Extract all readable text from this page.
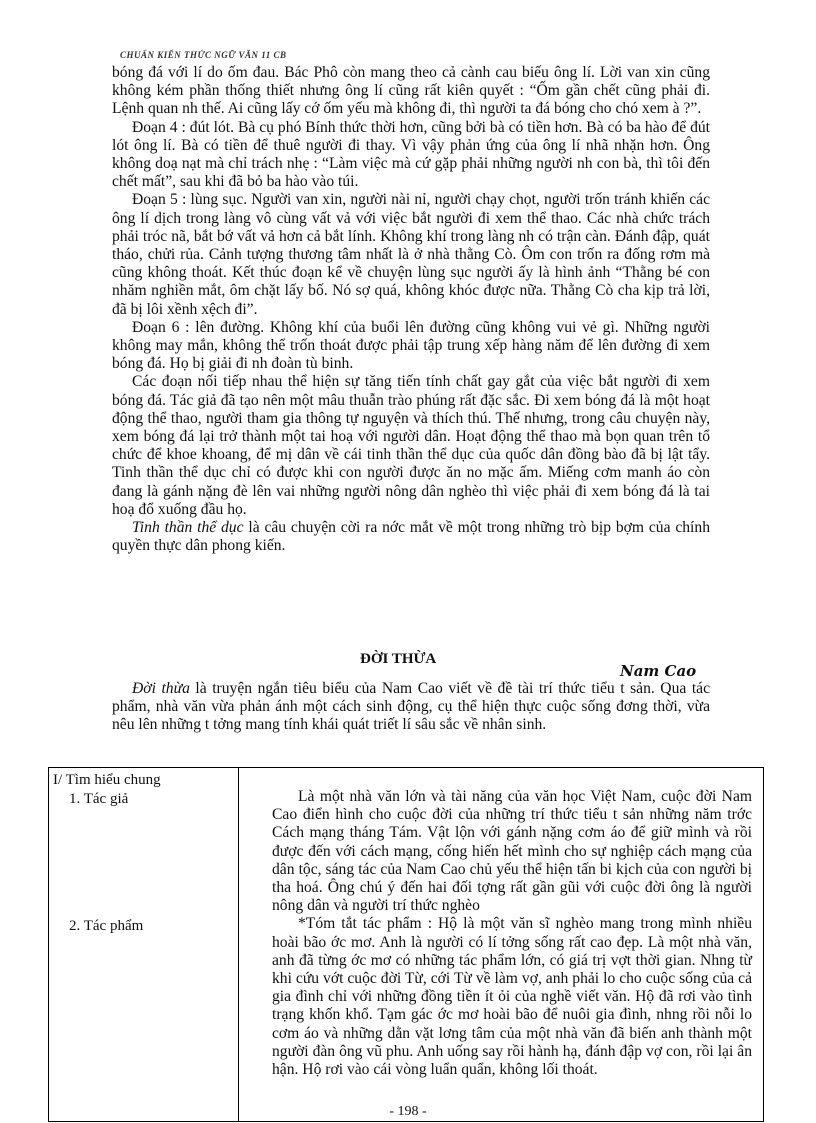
CHUẨN KIẾN THỨC NGỮ VĂN 11 CB

bóng đá với lí do ốm đau. Bác Phô còn mang theo cả cành cau biếu ông lí. Lời van xin cũng không kém phần thống thiết nhưng ông lí cũng rất kiên quyết : “Ốm gần chết cũng phải đi. Lệnh quan nh thế. Ai cũng lấy cớ ốm yếu mà không đi, thì người ta đá bóng cho chó xem à ?”.

Đoạn 4 : đút lót. Bà cụ phó Bính thức thời hơn, cũng bởi bà có tiền hơn. Bà có ba hào để đút lót ông lí. Bà có tiền để thuê người đi thay. Vì vậy phản ứng của ông lí nhã nhặn hơn. Ông không doạ nạt mà chỉ trách nhẹ : “Làm việc mà cứ gặp phải những người nh con bà, thì tôi đến chết mất”, sau khi đã bỏ ba hào vào túi.

Đoạn 5 : lùng sục. Người van xin, người nài nỉ, người chạy chọt, người trốn tránh khiến các ông lí dịch trong làng vô cùng vất vả với việc bắt người đi xem thể thao. Các nhà chức trách phải tróc nã, bắt bớ vất vả hơn cả bắt lính. Không khí trong làng nh có trận càn. Đánh đập, quát tháo, chửi rủa. Cảnh tượng thương tâm nhất là ở nhà thằng Cò. Ôm con trốn ra đống rơm mà cũng không thoát. Kết thúc đoạn kể về chuyện lùng sục người ấy là hình ảnh “Thằng bé con nhăm nghiền mắt, ôm chặt lấy bố. Nó sợ quá, không khóc được nữa. Thằng Cò cha kịp trả lời, đã bị lôi xềnh xệch đi”.

Đoạn 6 : lên đường. Không khí của buổi lên đường cũng không vui vẻ gì. Những người không may mắn, không thể trốn thoát được phải tập trung xếp hàng năm để lên đường đi xem bóng đá. Họ bị giải đi nh đoàn tù binh.

Các đoạn nối tiếp nhau thể hiện sự tăng tiến tính chất gay gắt của việc bắt người đi xem bóng đá. Tác giả đã tạo nên một mâu thuẫn trào phúng rất đặc sắc. Đi xem bóng đá là một hoạt động thể thao, người tham gia thông tự nguyện và thích thú. Thế nhưng, trong câu chuyện này, xem bóng đá lại trở thành một tai hoạ với người dân. Hoạt động thể thao mà bọn quan trên tổ chức để khoe khoang, để mị dân về cái tinh thần thể dục của quốc dân đồng bào đã bị lật tẩy. Tinh thần thể dục chỉ có được khi con người được ăn no mặc ấm. Miếng cơm manh áo còn đang là gánh nặng đè lên vai những người nông dân nghèo thì việc phải đi xem bóng đá là tai hoạ đổ xuống đầu họ.

Tinh thần thể dục là câu chuyện cời ra nớc mắt về một trong những trò bịp bợm của chính quyền thực dân phong kiến.

ĐỜI THỪA
Nam Cao

Đời thừa là truyện ngắn tiêu biểu của Nam Cao viết về đề tài trí thức tiểu t sản. Qua tác phẩm, nhà văn vừa phản ánh một cách sinh động, cụ thể hiện thực cuộc sống đơng thời, vừa nêu lên những t tởng mang tính khái quát triết lí sâu sắc về nhân sinh.

I/ Tìm hiểu chung
1. Tác giả
2. Tác phẩm

Là một nhà văn lớn và tài năng của văn học Việt Nam, cuộc đời Nam Cao điển hình cho cuộc đời của những trí thức tiểu t sản những năm trớc Cách mạng tháng Tám. Vật lộn với gánh nặng cơm áo để giữ mình và rồi được đến với cách mạng, cống hiến hết mình cho sự nghiệp cách mạng của dân tộc, sáng tác của Nam Cao chủ yếu thể hiện tấn bi kịch của con người bị tha hoá. Ông chú ý đến hai đối tợng rất gần gũi với cuộc đời ông là người nông dân và người trí thức nghèo

*Tóm tắt tác phẩm : Hộ là một văn sĩ nghèo mang trong mình nhiều hoài bão ớc mơ. Anh là người có lí tởng sống rất cao đẹp. Là một nhà văn, anh đã từng ớc mơ có những tác phẩm lớn, có giá trị vợt thời gian. Nhng từ khi cứu vớt cuộc đời Từ, cới Từ về làm vợ, anh phải lo cho cuộc sống của cả gia đình chỉ với những đồng tiền ít ỏi của nghề viết văn. Hộ đã rơi vào tình trạng khốn khổ. Tạm gác ớc mơ hoài bão để nuôi gia đình, nhng rồi nỗi lo cơm áo và những dằn vặt lơng tâm của một nhà văn đã biến anh thành một người đàn ông vũ phu. Anh uống say rồi hành hạ, đánh đập vợ con, rồi lại ân hận. Hộ rơi vào cái vòng luẩn quẩn, không lối thoát.

- 198 -
